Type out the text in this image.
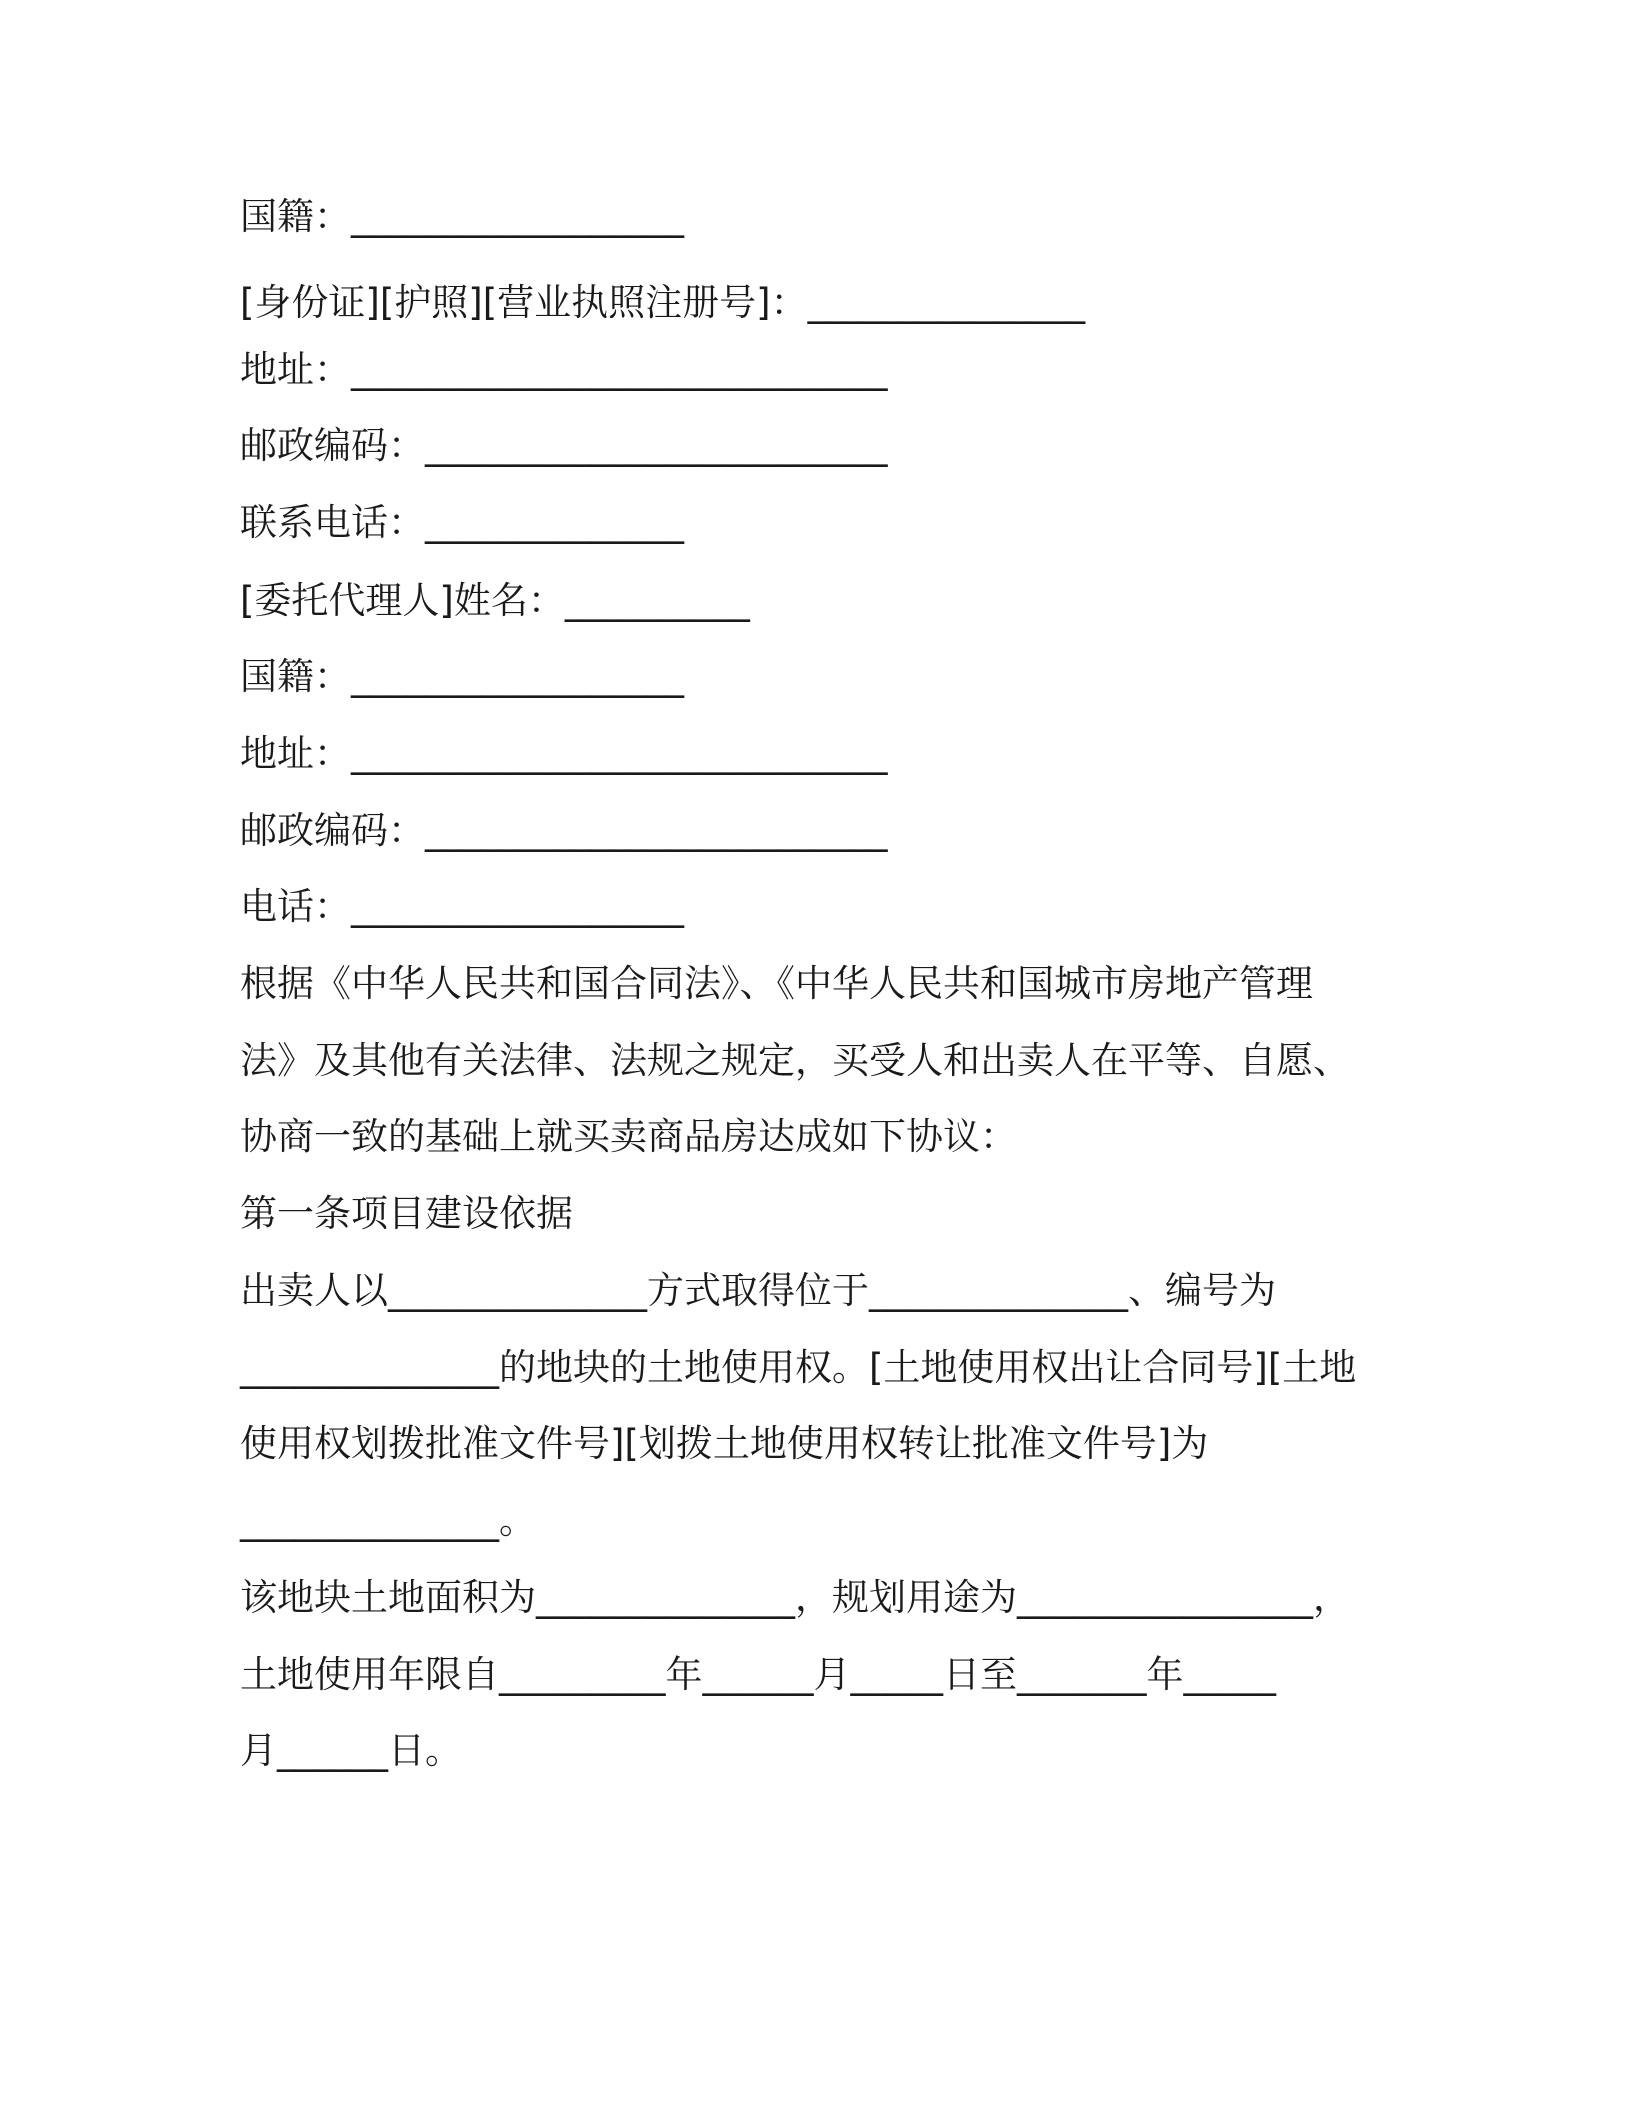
国籍：__________________
[身份证][护照][营业执照注册号]：_______________
地址：_____________________________
邮政编码：_________________________
联系电话：______________
[委托代理人]姓名：__________
国籍：__________________
地址：_____________________________
邮政编码：_________________________
电话：__________________
根据《中华人民共和国合同法》、《中华人民共和国城市房地产管理
法》及其他有关法律、法规之规定，买受人和出卖人在平等、自愿、
协商一致的基础上就买卖商品房达成如下协议：
第一条项目建设依据
出卖人以______________方式取得位于______________、编号为
______________的地块的土地使用权。[土地使用权出让合同号][土地
使用权划拨批准文件号][划拨土地使用权转让批准文件号]为
______________。
该地块土地面积为______________，规划用途为________________，
土地使用年限自_________年______月_____日至_______年_____
月______日。
